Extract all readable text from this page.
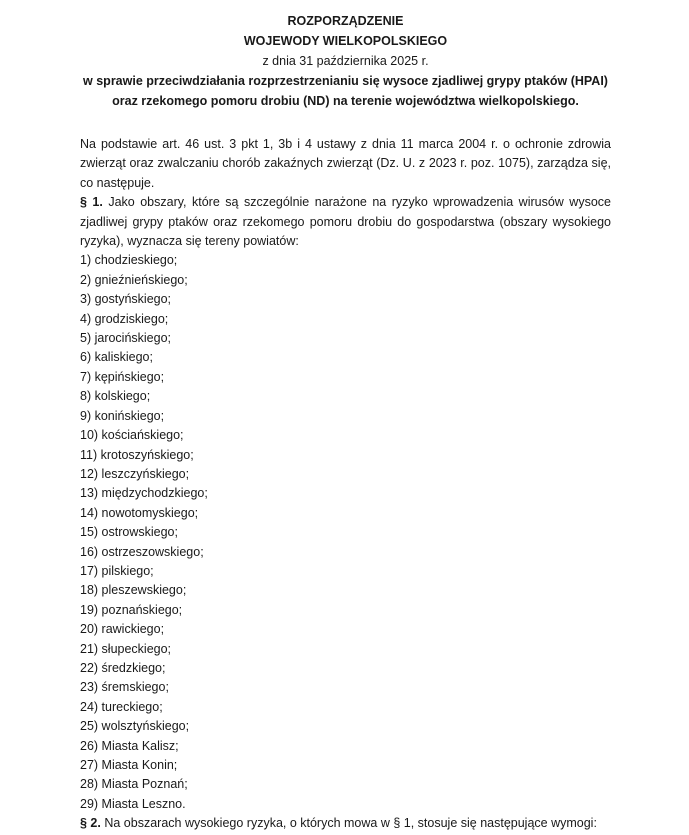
ROZPORZĄDZENIE
WOJEWODY WIELKOPOLSKIEGO
z dnia 31 października 2025 r.
w sprawie przeciwdziałania rozprzestrzenianiu się wysoce zjadliwej grypy ptaków (HPAI) oraz rzekomego pomoru drobiu (ND) na terenie województwa wielkopolskiego.

Na podstawie art. 46 ust. 3 pkt 1, 3b i 4 ustawy z dnia 11 marca 2004 r. o ochronie zdrowia zwierząt oraz zwalczaniu chorób zakaźnych zwierząt (Dz. U. z 2023 r. poz. 1075), zarządza się, co następuje.

§ 1. Jako obszary, które są szczególnie narażone na ryzyko wprowadzenia wirusów wysoce zjadliwej grypy ptaków oraz rzekomego pomoru drobiu do gospodarstwa (obszary wysokiego ryzyka), wyznacza się tereny powiatów:

1) chodzieskiego;
2) gnieźnieńskiego;
3) gostyńskiego;
4) grodziskiego;
5) jarocińskiego;
6) kaliskiego;
7) kępińskiego;
8) kolskiego;
9) konińskiego;
10) kościańskiego;
11) krotoszyńskiego;
12) leszczyńskiego;
13) międzychodzkiego;
14) nowotomyskiego;
15) ostrowskiego;
16) ostrzeszowskiego;
17) pilskiego;
18) pleszewskiego;
19) poznańskiego;
20) rawickiego;
21) słupeckiego;
22) średzkiego;
23) śremskiego;
24) tureckiego;
25) wolsztyńskiego;
26) Miasta Kalisz;
27) Miasta Konin;
28) Miasta Poznań;
29) Miasta Leszno.

§ 2. Na obszarach wysokiego ryzyka, o których mowa w § 1, stosuje się następujące wymogi:
